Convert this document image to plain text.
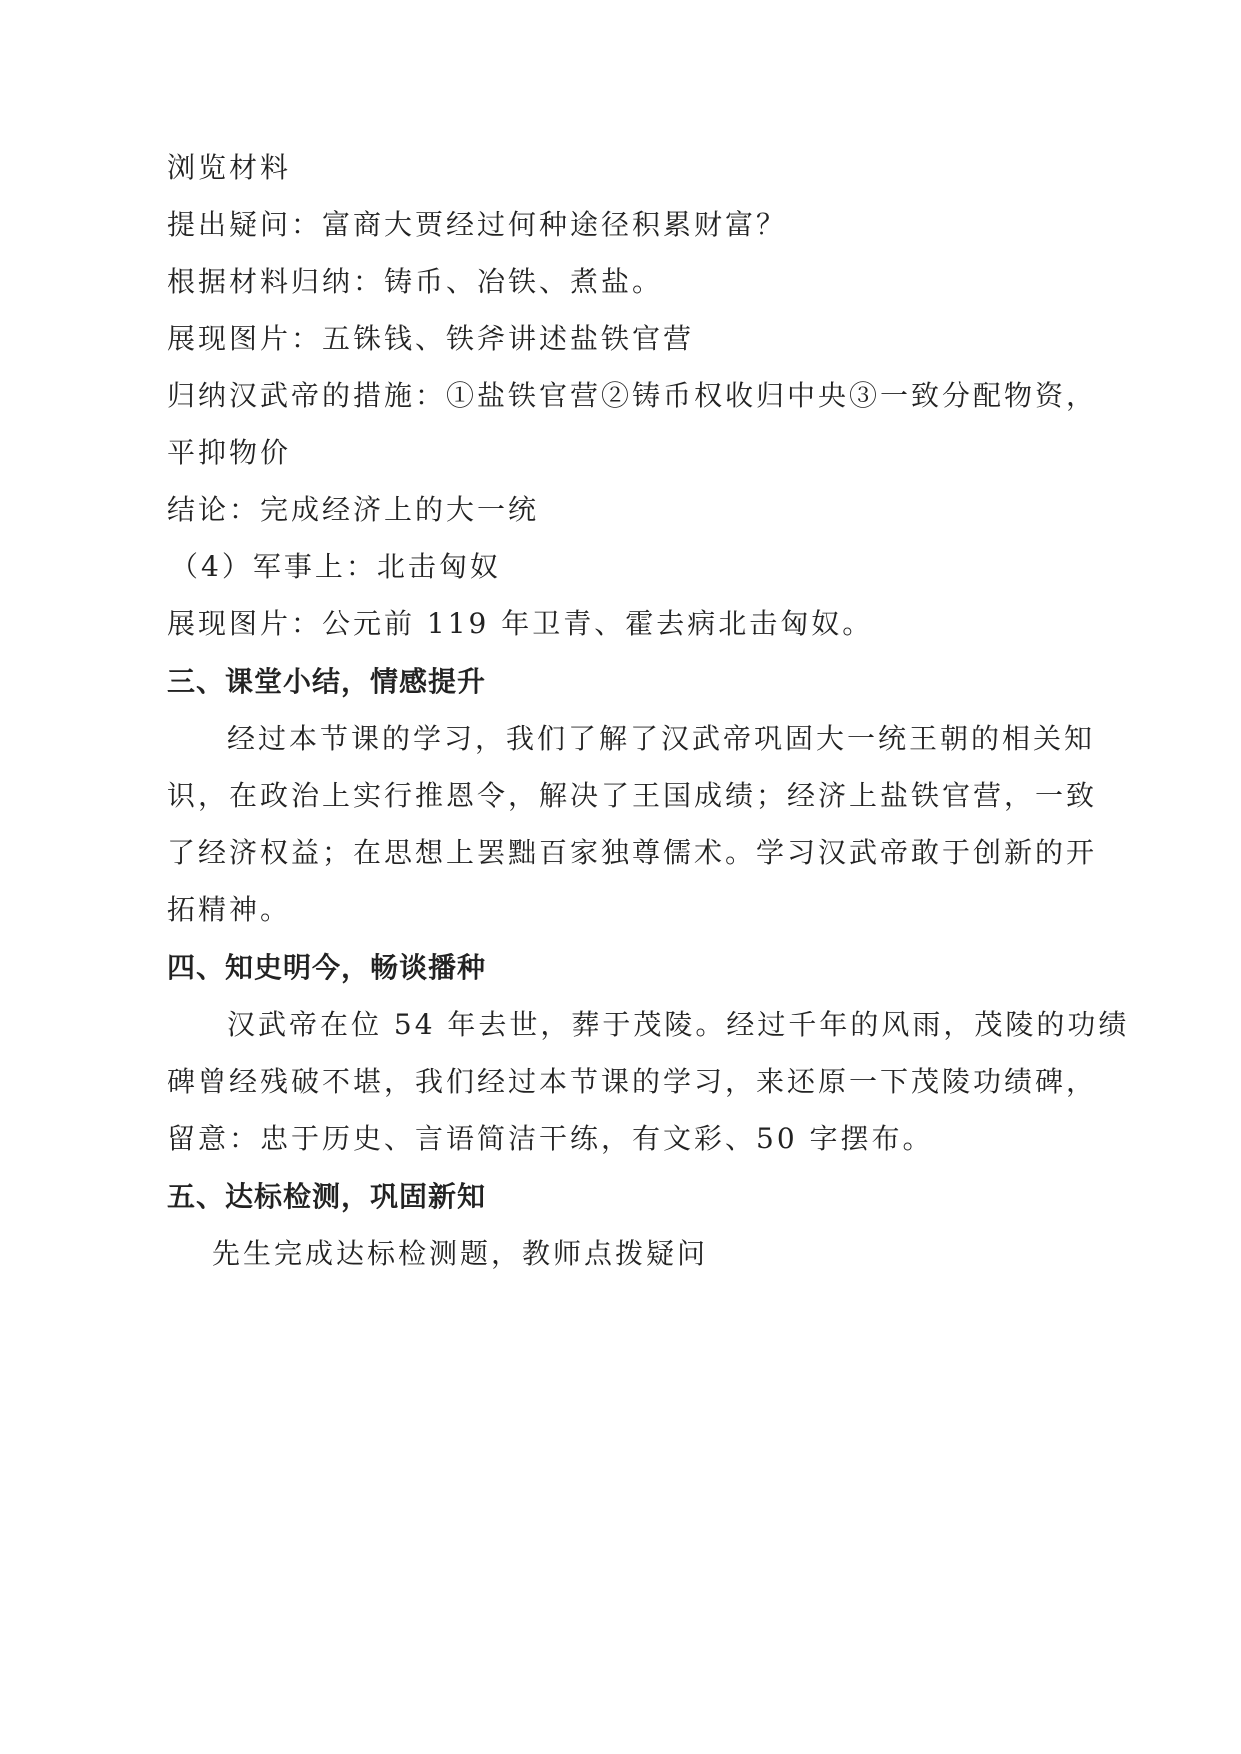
浏览材料
提出疑问：富商大贾经过何种途径积累财富？
根据材料归纳：铸币、冶铁、煮盐。
展现图片：五铢钱、铁斧讲述盐铁官营
归纳汉武帝的措施：①盐铁官营②铸币权收归中央③一致分配物资，
平抑物价
结论：完成经济上的大一统
（4）军事上：北击匈奴
展现图片：公元前 119 年卫青、霍去病北击匈奴。
三、课堂小结，情感提升
经过本节课的学习，我们了解了汉武帝巩固大一统王朝的相关知
识，在政治上实行推恩令，解决了王国成绩；经济上盐铁官营，一致
了经济权益；在思想上罢黜百家独尊儒术。学习汉武帝敢于创新的开
拓精神。
四、知史明今，畅谈播种
汉武帝在位 54 年去世，葬于茂陵。经过千年的风雨，茂陵的功绩
碑曾经残破不堪，我们经过本节课的学习，来还原一下茂陵功绩碑，
留意：忠于历史、言语简洁干练，有文彩、50 字摆布。
五、达标检测，巩固新知
先生完成达标检测题，教师点拨疑问
